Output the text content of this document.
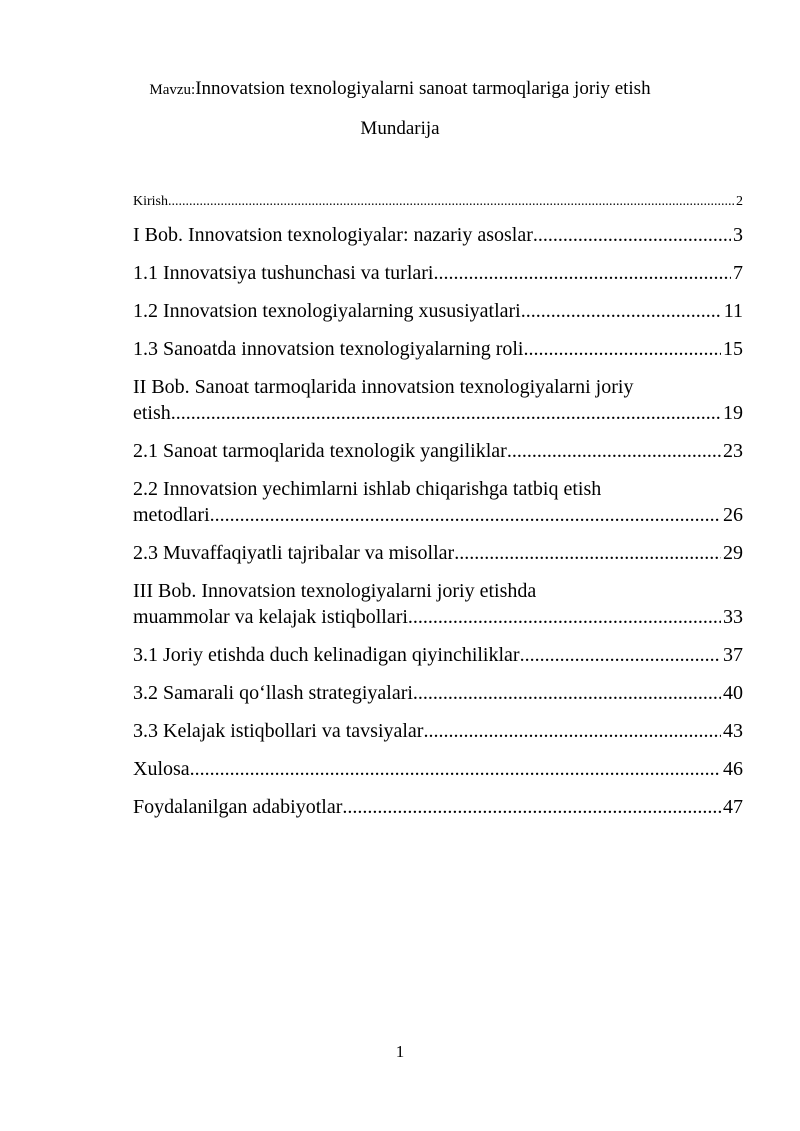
Mavzu:Innovatsion texnologiyalarni sanoat tarmoqlariga joriy etish
Mundarija
Kirish .....	2
I Bob. Innovatsion texnologiyalar: nazariy asoslar .....	3
1.1 Innovatsiya tushunchasi va turlari .....	7
1.2 Innovatsion texnologiyalarning xususiyatlari .....	11
1.3 Sanoatda innovatsion texnologiyalarning roli .....	15
II Bob. Sanoat tarmoqlarida innovatsion texnologiyalarni joriy
etish .....	19
2.1 Sanoat tarmoqlarida texnologik yangiliklar .....	23
2.2 Innovatsion yechimlarni ishlab chiqarishga tatbiq etish
metodlari .....	26
2.3 Muvaffaqiyatli tajribalar va misollar .....	29
III Bob. Innovatsion texnologiyalarni joriy etishda
muammolar va kelajak istiqbollari .....	33
3.1 Joriy etishda duch kelinadigan qiyinchiliklar .....	37
3.2 Samarali qo‘llash strategiyalari .....	40
3.3 Kelajak istiqbollari va tavsiyalar .....	43
Xulosa .....	46
Foydalanilgan adabiyotlar .....	47
1
